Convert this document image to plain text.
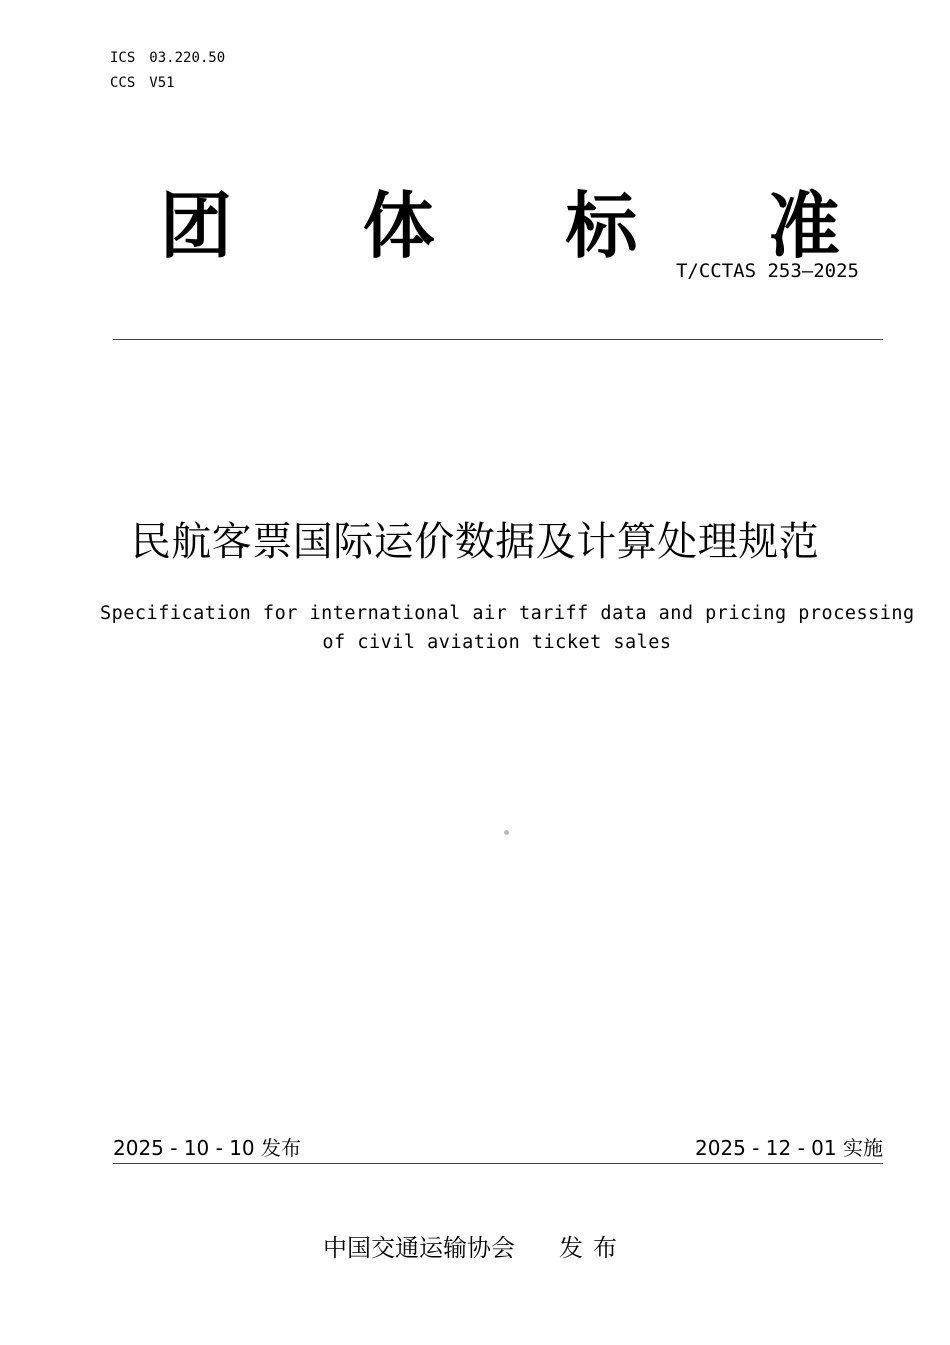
ICS 03.220.50
CCS V51
团 体 标 准
T/CCTAS 253—2025
民航客票国际运价数据及计算处理规范
Specification for international air tariff data and pricing processing
of civil aviation ticket sales
2025 - 10 - 10 发布	2025 - 12 - 01 实施
中国交通运输协会 发布
